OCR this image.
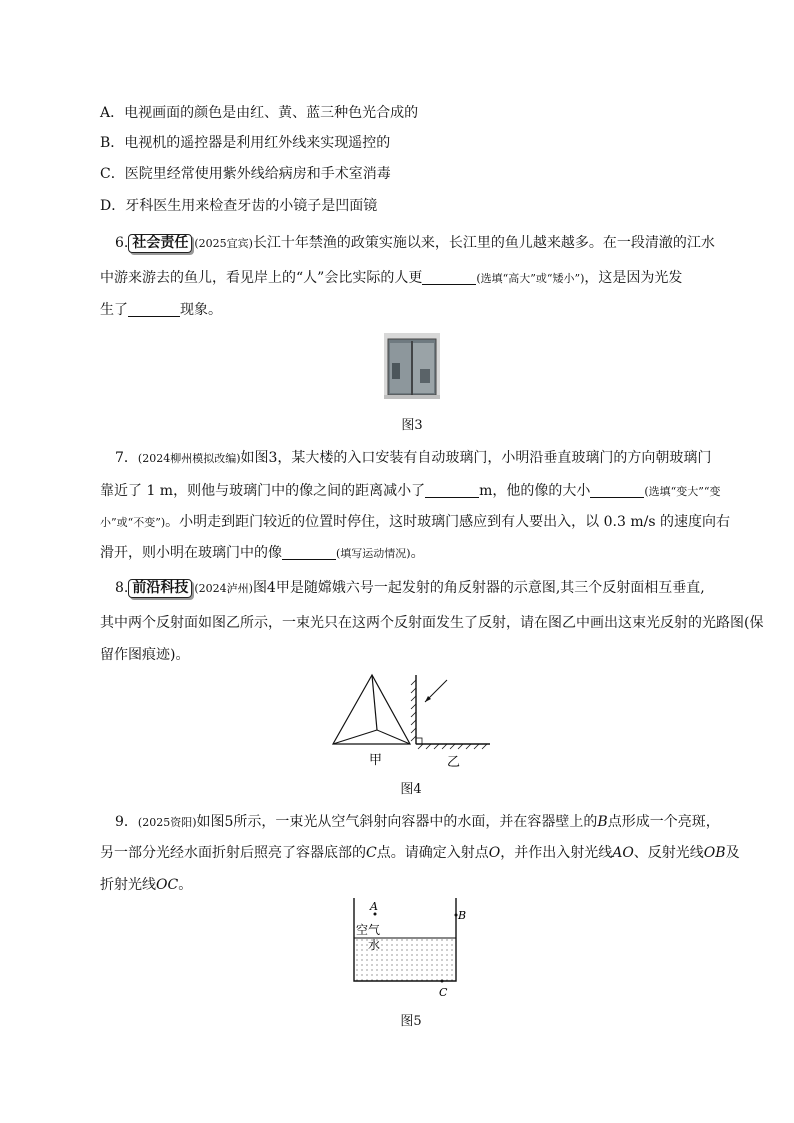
A．电视画面的颜色是由红、黄、蓝三种色光合成的
B．电视机的遥控器是利用红外线来实现遥控的
C．医院里经常使用紫外线给病房和手术室消毒
D．牙科医生用来检查牙齿的小镜子是凹面镜
6. 社会责任 (2025宜宾)长江十年禁渔的政策实施以来，长江里的鱼儿越来越多。在一段清澈的江水
中游来游去的鱼儿，看见岸上的“人”会比实际的人更	(选填“高大”或“矮小”)，这是因为光发
生了	现象。
图3
7．(2024柳州模拟改编)如图3，某大楼的入口安装有自动玻璃门，小明沿垂直玻璃门的方向朝玻璃门
靠近了 1 m，则他与玻璃门中的像之间的距离减小了	m，他的像的大小	(选填“变大”“变
小”或“不变”)。小明走到距门较近的位置时停住，这时玻璃门感应到有人要出入，以 0.3 m/s 的速度向右
滑开，则小明在玻璃门中的像	(填写运动情况)。
8. 前沿科技 (2024泸州)图4甲是随嫦娥六号一起发射的角反射器的示意图,其三个反射面相互垂直,
其中两个反射面如图乙所示，一束光只在这两个反射面发生了反射，请在图乙中画出这束光反射的光路图(保
留作图痕迹)。
甲	乙
图4
9．(2025资阳)如图5所示，一束光从空气斜射向容器中的水面，并在容器壁上的B点形成一个亮斑，
另一部分光经水面折射后照亮了容器底部的C点。请确定入射点O，并作出入射光线AO、反射光线OB及
折射光线OC。
A
B
C
空气
水
图5
